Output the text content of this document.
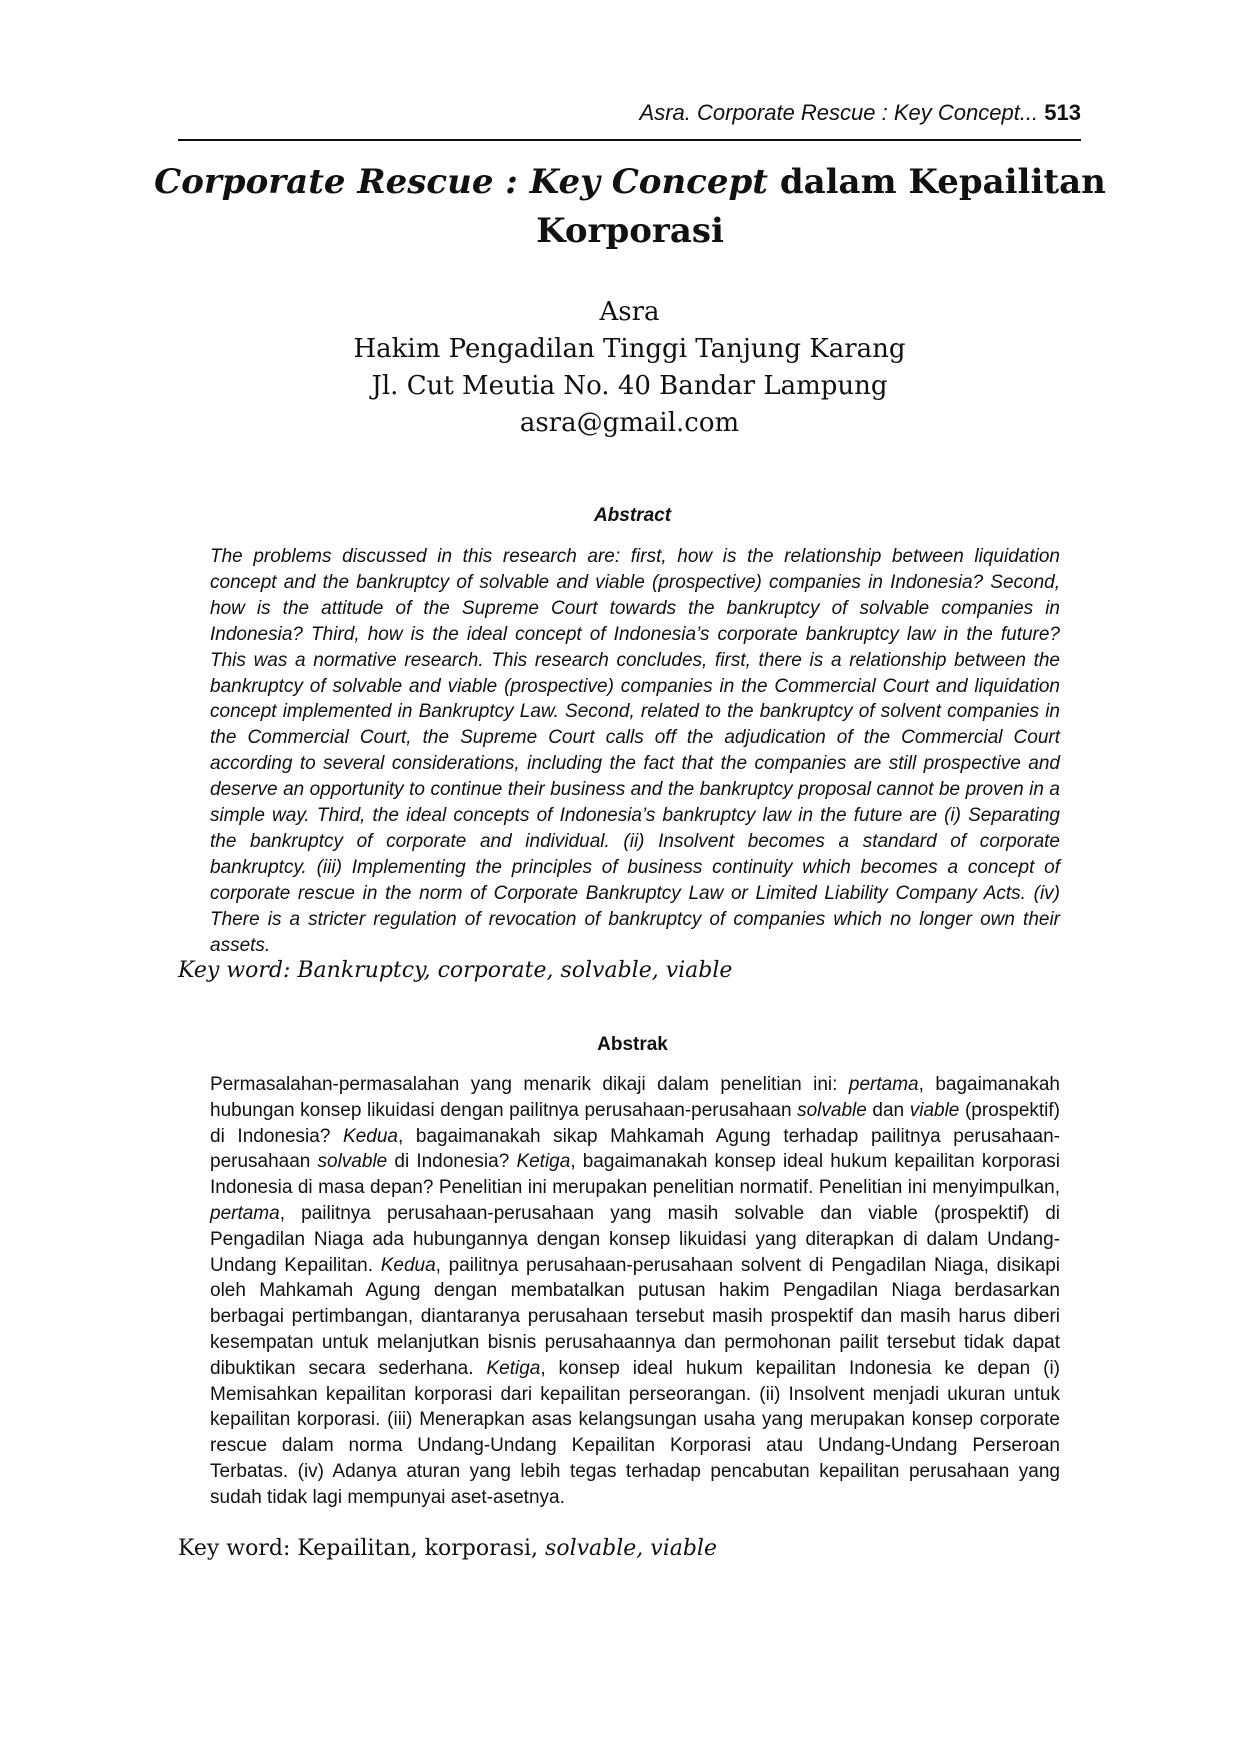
Asra. Corporate Rescue : Key Concept... 513
Corporate Rescue : Key Concept dalam Kepailitan Korporasi
Asra
Hakim Pengadilan Tinggi Tanjung Karang
Jl. Cut Meutia No. 40 Bandar Lampung
asra@gmail.com
Abstract
The problems discussed in this research are: first, how is the relationship between liquidation concept and the bankruptcy of solvable and viable (prospective) companies in Indonesia? Second, how is the attitude of the Supreme Court towards the bankruptcy of solvable companies in Indonesia? Third, how is the ideal concept of Indonesia’s corporate bankruptcy law in the future? This was a normative research. This research concludes, first, there is a relationship between the bankruptcy of solvable and viable (prospective) companies in the Commercial Court and liquidation concept implemented in Bankruptcy Law. Second, related to the bankruptcy of solvent companies in the Commercial Court, the Supreme Court calls off the adjudication of the Commercial Court according to several considerations, including the fact that the companies are still prospective and deserve an opportunity to continue their business and the bankruptcy proposal cannot be proven in a simple way. Third, the ideal concepts of Indonesia’s bankruptcy law in the future are (i) Separating the bankruptcy of corporate and individual. (ii) Insolvent becomes a standard of corporate bankruptcy. (iii) Implementing the principles of business continuity which becomes a concept of corporate rescue in the norm of Corporate Bankruptcy Law or Limited Liability Company Acts. (iv) There is a stricter regulation of revocation of bankruptcy of companies which no longer own their assets.
Key word: Bankruptcy, corporate, solvable, viable
Abstrak
Permasalahan-permasalahan yang menarik dikaji dalam penelitian ini: pertama, bagaimanakah hubungan konsep likuidasi dengan pailitnya perusahaan-perusahaan solvable dan viable (prospektif) di Indonesia? Kedua, bagaimanakah sikap Mahkamah Agung terhadap pailitnya perusahaan-perusahaan solvable di Indonesia? Ketiga, bagaimanakah konsep ideal hukum kepailitan korporasi Indonesia di masa depan? Penelitian ini merupakan penelitian normatif. Penelitian ini menyimpulkan, pertama, pailitnya perusahaan-perusahaan yang masih solvable dan viable (prospektif) di Pengadilan Niaga ada hubungannya dengan konsep likuidasi yang diterapkan di dalam Undang-Undang Kepailitan. Kedua, pailitnya perusahaan-perusahaan solvent di Pengadilan Niaga, disikapi oleh Mahkamah Agung dengan membatalkan putusan hakim Pengadilan Niaga berdasarkan berbagai pertimbangan, diantaranya perusahaan tersebut masih prospektif dan masih harus diberi kesempatan untuk melanjutkan bisnis perusahaannya dan permohonan pailit tersebut tidak dapat dibuktikan secara sederhana. Ketiga, konsep ideal hukum kepailitan Indonesia ke depan (i) Memisahkan kepailitan korporasi dari kepailitan perseorangan. (ii) Insolvent menjadi ukuran untuk kepailitan korporasi. (iii) Menerapkan asas kelangsungan usaha yang merupakan konsep corporate rescue dalam norma Undang-Undang Kepailitan Korporasi atau Undang-Undang Perseroan Terbatas. (iv) Adanya aturan yang lebih tegas terhadap pencabutan kepailitan perusahaan yang sudah tidak lagi mempunyai aset-asetnya.
Key word: Kepailitan, korporasi, solvable, viable
